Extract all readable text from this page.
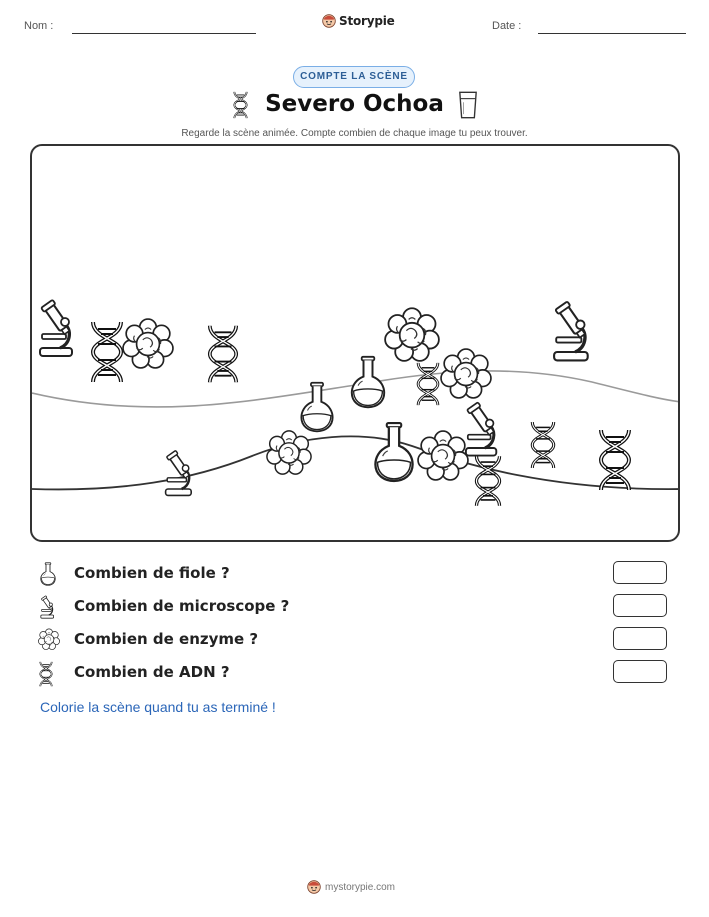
Nom :	Storypie	Date :
COMPTE LA SCÈNE
Severo Ochoa
Regarde la scène animée. Compte combien de chaque image tu peux trouver.
Combien de fiole ?
Combien de microscope ?
Combien de enzyme ?
Combien de ADN ?
Colorie la scène quand tu as terminé !
mystorypie.com
